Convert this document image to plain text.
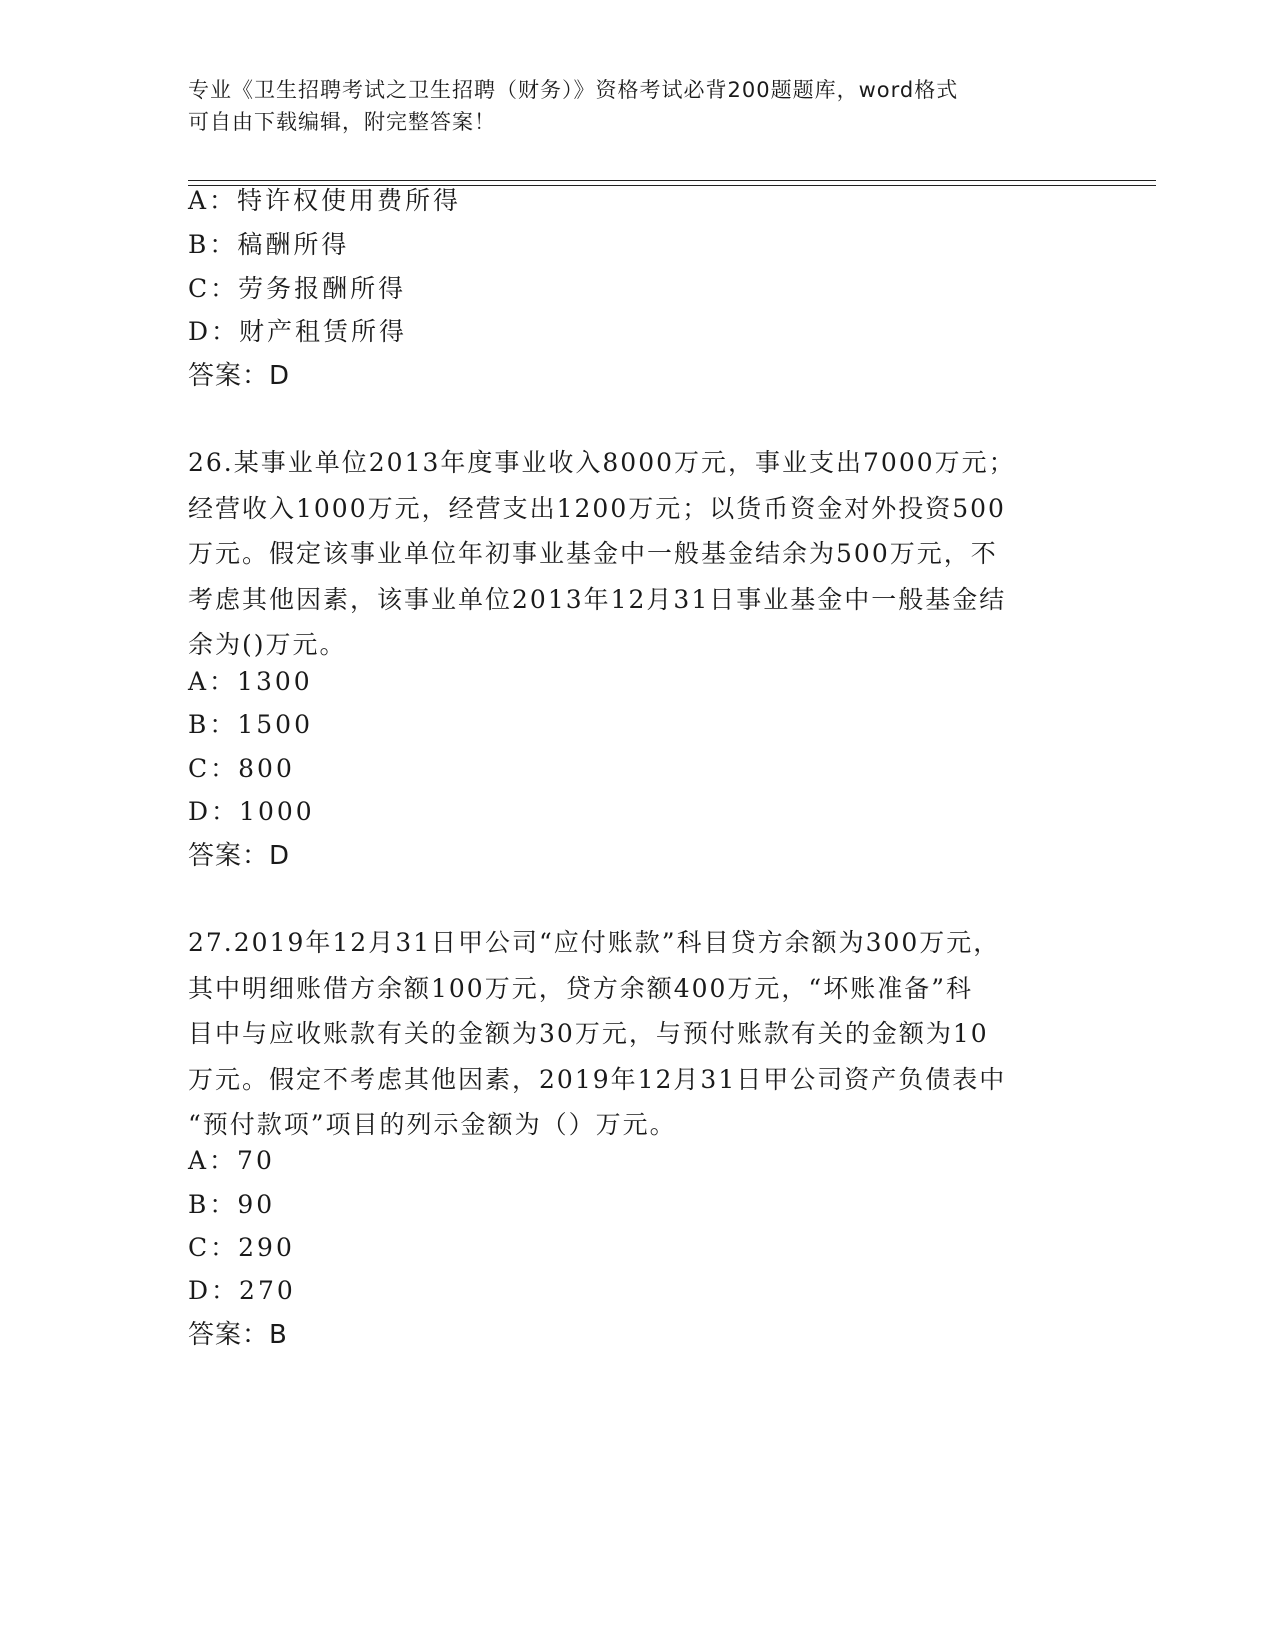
专业《卫生招聘考试之卫生招聘（财务）》资格考试必背200题题库，word格式
可自由下载编辑，附完整答案！
A：特许权使用费所得
B：稿酬所得
C：劳务报酬所得
D：财产租赁所得
答案：D
26.某事业单位2013年度事业收入8000万元，事业支出7000万元；
经营收入1000万元，经营支出1200万元；以货币资金对外投资500
万元。假定该事业单位年初事业基金中一般基金结余为500万元，不
考虑其他因素，该事业单位2013年12月31日事业基金中一般基金结
余为()万元。
A：1300
B：1500
C：800
D：1000
答案：D
27.2019年12月31日甲公司“应付账款”科目贷方余额为300万元，
其中明细账借方余额100万元，贷方余额400万元，“坏账准备”科
目中与应收账款有关的金额为30万元，与预付账款有关的金额为10
万元。假定不考虑其他因素，2019年12月31日甲公司资产负债表中
“预付款项”项目的列示金额为（）万元。
A：70
B：90
C：290
D：270
答案：B
